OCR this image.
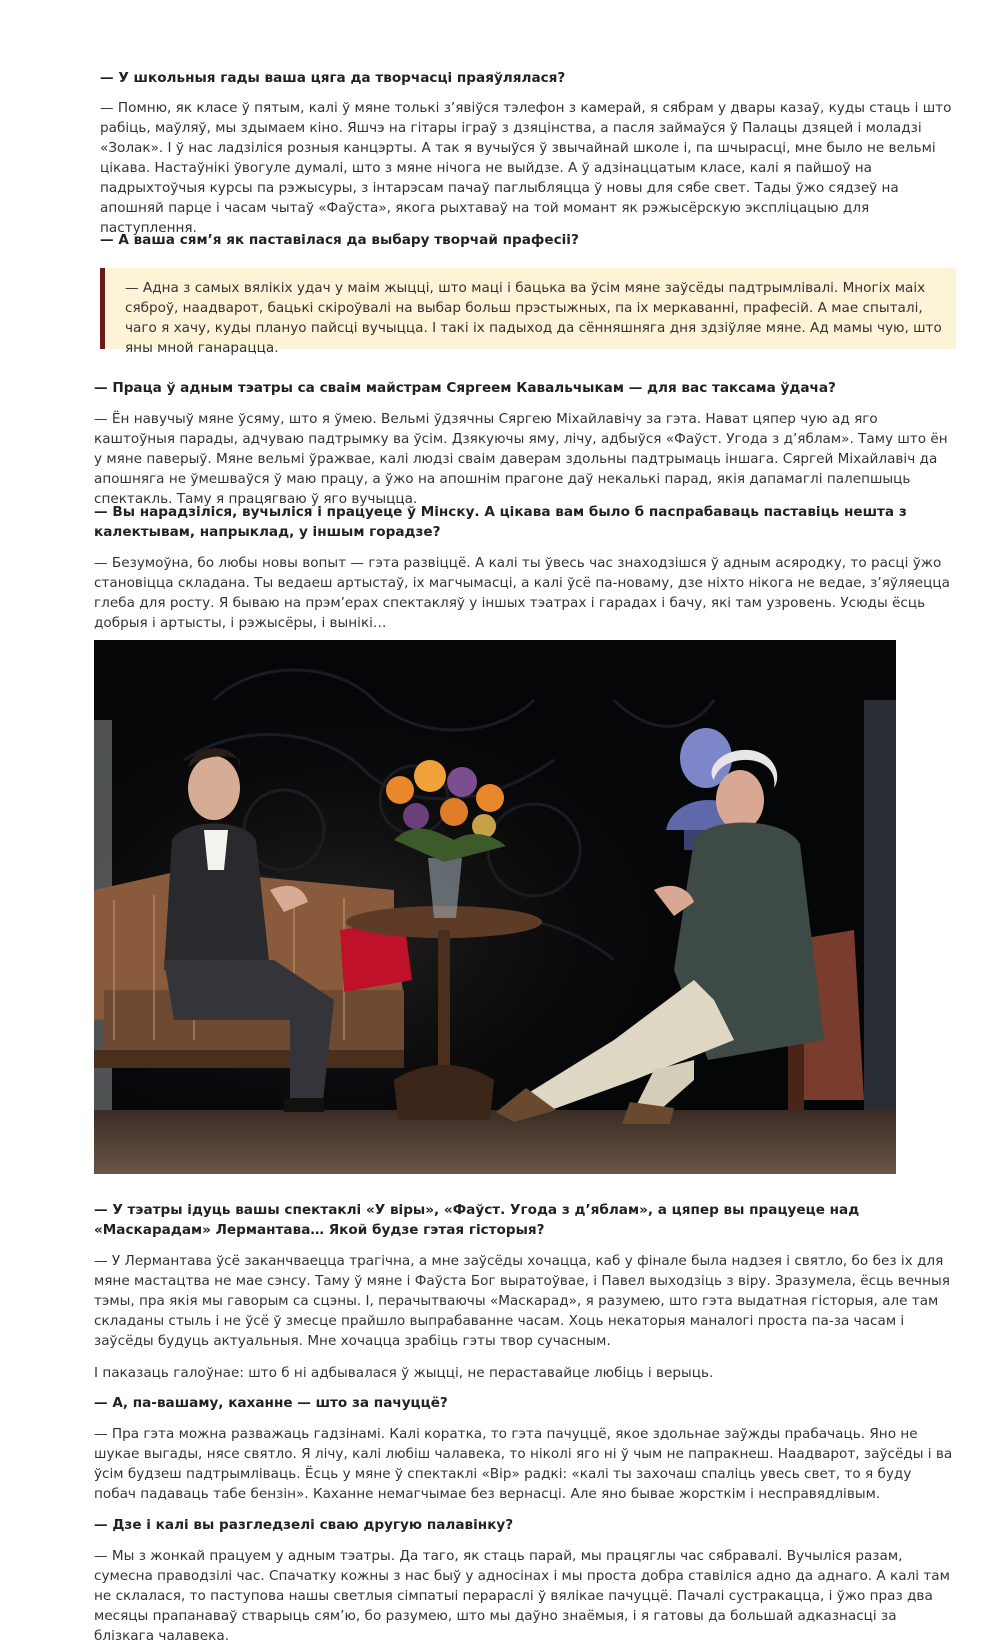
— У школьныя гады ваша цяга да творчасці праяўлялася?

— Помню, як класе ў пятым, калі ў мяне толькі з’явіўся тэлефон з камерай, я сябрам у двары казаў, куды стаць і што рабіць, маўляў, мы здымаем кіно. Яшчэ на гітары іграў з дзяцінства, а пасля займаўся ў Палацы дзяцей і моладзі «Золак». І ў нас ладзіліся розныя канцэрты. А так я вучыўся ў звычайнай школе і, па шчырасці, мне было не вельмі цікава. Настаўнікі ўвогуле думалі, што з мяне нічога не выйдзе. А ў адзінаццатым класе, калі я пайшоў на падрыхтоўчыя курсы па рэжысуры, з інтарэсам пачаў паглыбляцца ў новы для сябе свет. Тады ўжо сядзеў на апошняй парце і часам чытаў «Фаўста», якога рыхтаваў на той момант як рэжысёрскую экспліцацыю для паступлення.

— А ваша сям’я як паставілася да выбару творчай прафесіі?

— Адна з самых вялікіх удач у маім жыцці, што маці і бацька ва ўсім мяне заўсёды падтрымлівалі. Многіх маіх сяброў, наадварот, бацькі скіроўвалі на выбар больш прэстыжных, па іх меркаванні, прафесій. А мае спыталі, чаго я хачу, куды плануо пайсці вучыцца. І такі іх падыход да сённяшняга дня здзіўляе мяне. Ад мамы чую, што яны мной ганарацца.

— Праца ў адным тэатры са сваім майстрам Сяргеем Кавальчыкам — для вас таксама ўдача?

— Ён навучыў мяне ўсяму, што я ўмею. Вельмі ўдзячны Сяргею Міхайлавічу за гэта. Нават цяпер чую ад яго каштоўныя парады, адчуваю падтрымку ва ўсім. Дзякуючы яму, лічу, адбыўся «Фаўст. Угода з д’яблам». Таму што ён у мяне паверыў. Мяне вельмі ўражвае, калі людзі сваім даверам здольны падтрымаць іншага. Сяргей Міхайлавіч да апошняга не ўмешваўся ў маю працу, а ўжо на апошнім прагоне даў некалькі парад, якія дапамаглі палепшыць спектакль. Таму я працягваю ў яго вучыцца.

— Вы нарадзіліся, вучыліся і працуеце ў Мінску. А цікава вам было б паспрабаваць паставіць нешта з калектывам, напрыклад, у іншым горадзе?

— Безумоўна, бо любы новы вопыт — гэта развіццё. А калі ты ўвесь час знаходзішся ў адным асяродку, то расці ўжо становіцца складана. Ты ведаеш артыстаў, іх магчымасці, а калі ўсё па-новаму, дзе ніхто нікога не ведае, з’яўляецца глеба для росту. Я бываю на прэм’ерах спектакляў у іншых тэатрах і гарадах і бачу, які там узровень. Усюды ёсць добрыя і артысты, і рэжысёры, і вынікі…

— У тэатры ідуць вашы спектаклі «У віры», «Фаўст. Угода з д’яблам», а цяпер вы працуеце над «Маскарадам» Лермантава… Якой будзе гэтая гісторыя?

— У Лермантава ўсё заканчваецца трагічна, а мне заўсёды хочацца, каб у фінале была надзея і святло, бо без іх для мяне мастацтва не мае сэнсу. Таму ў мяне і Фаўста Бог выратоўвае, і Павел выходзіць з віру. Зразумела, ёсць вечныя тэмы, пра якія мы гаворым са сцэны. І, перачытваючы «Маскарад», я разумею, што гэта выдатная гісторыя, але там складаны стыль і не ўсё ў змесце прайшло выпрабаванне часам. Хоць некаторыя маналогі проста па-за часам і заўсёды будуць актуальныя. Мне хочацца зрабіць гэты твор сучасным.

І паказаць галоўнае: што б ні адбывалася ў жыцці, не пераставайце любіць і верыць.

— А, па-вашаму, каханне — што за пачуццё?

— Пра гэта можна разважаць гадзінамі. Калі коратка, то гэта пачуццё, якое здольнае заўжды прабачаць. Яно не шукае выгады, нясе святло. Я лічу, калі любіш чалавека, то ніколі яго ні ў чым не папракнеш. Наадварот, заўсёды і ва ўсім будзеш падтрымліваць. Ёсць у мяне ў спектаклі «Вір» радкі: «калі ты захочаш спаліць увесь свет, то я буду побач падаваць табе бензін». Каханне немагчымае без вернасці. Але яно бывае жорсткім і несправядлівым.

— Дзе і калі вы разгледзелі сваю другую палавінку?

— Мы з жонкай працуем у адным тэатры. Да таго, як стаць парай, мы працяглы час сябравалі. Вучыліся разам, сумесна праводзілі час. Спачатку кожны з нас быў у адносінах і мы проста добра ставіліся адно да аднаго. А калі там не склалася, то паступова нашы светлыя сімпатыі перараслі ў вялікае пачуццё. Пачалі сустракацца, і ўжо праз два месяцы прапанаваў стварыць сям’ю, бо разумею, што мы даўно знаёмыя, і я гатовы да большай адказнасці за блізкага чалавека.
